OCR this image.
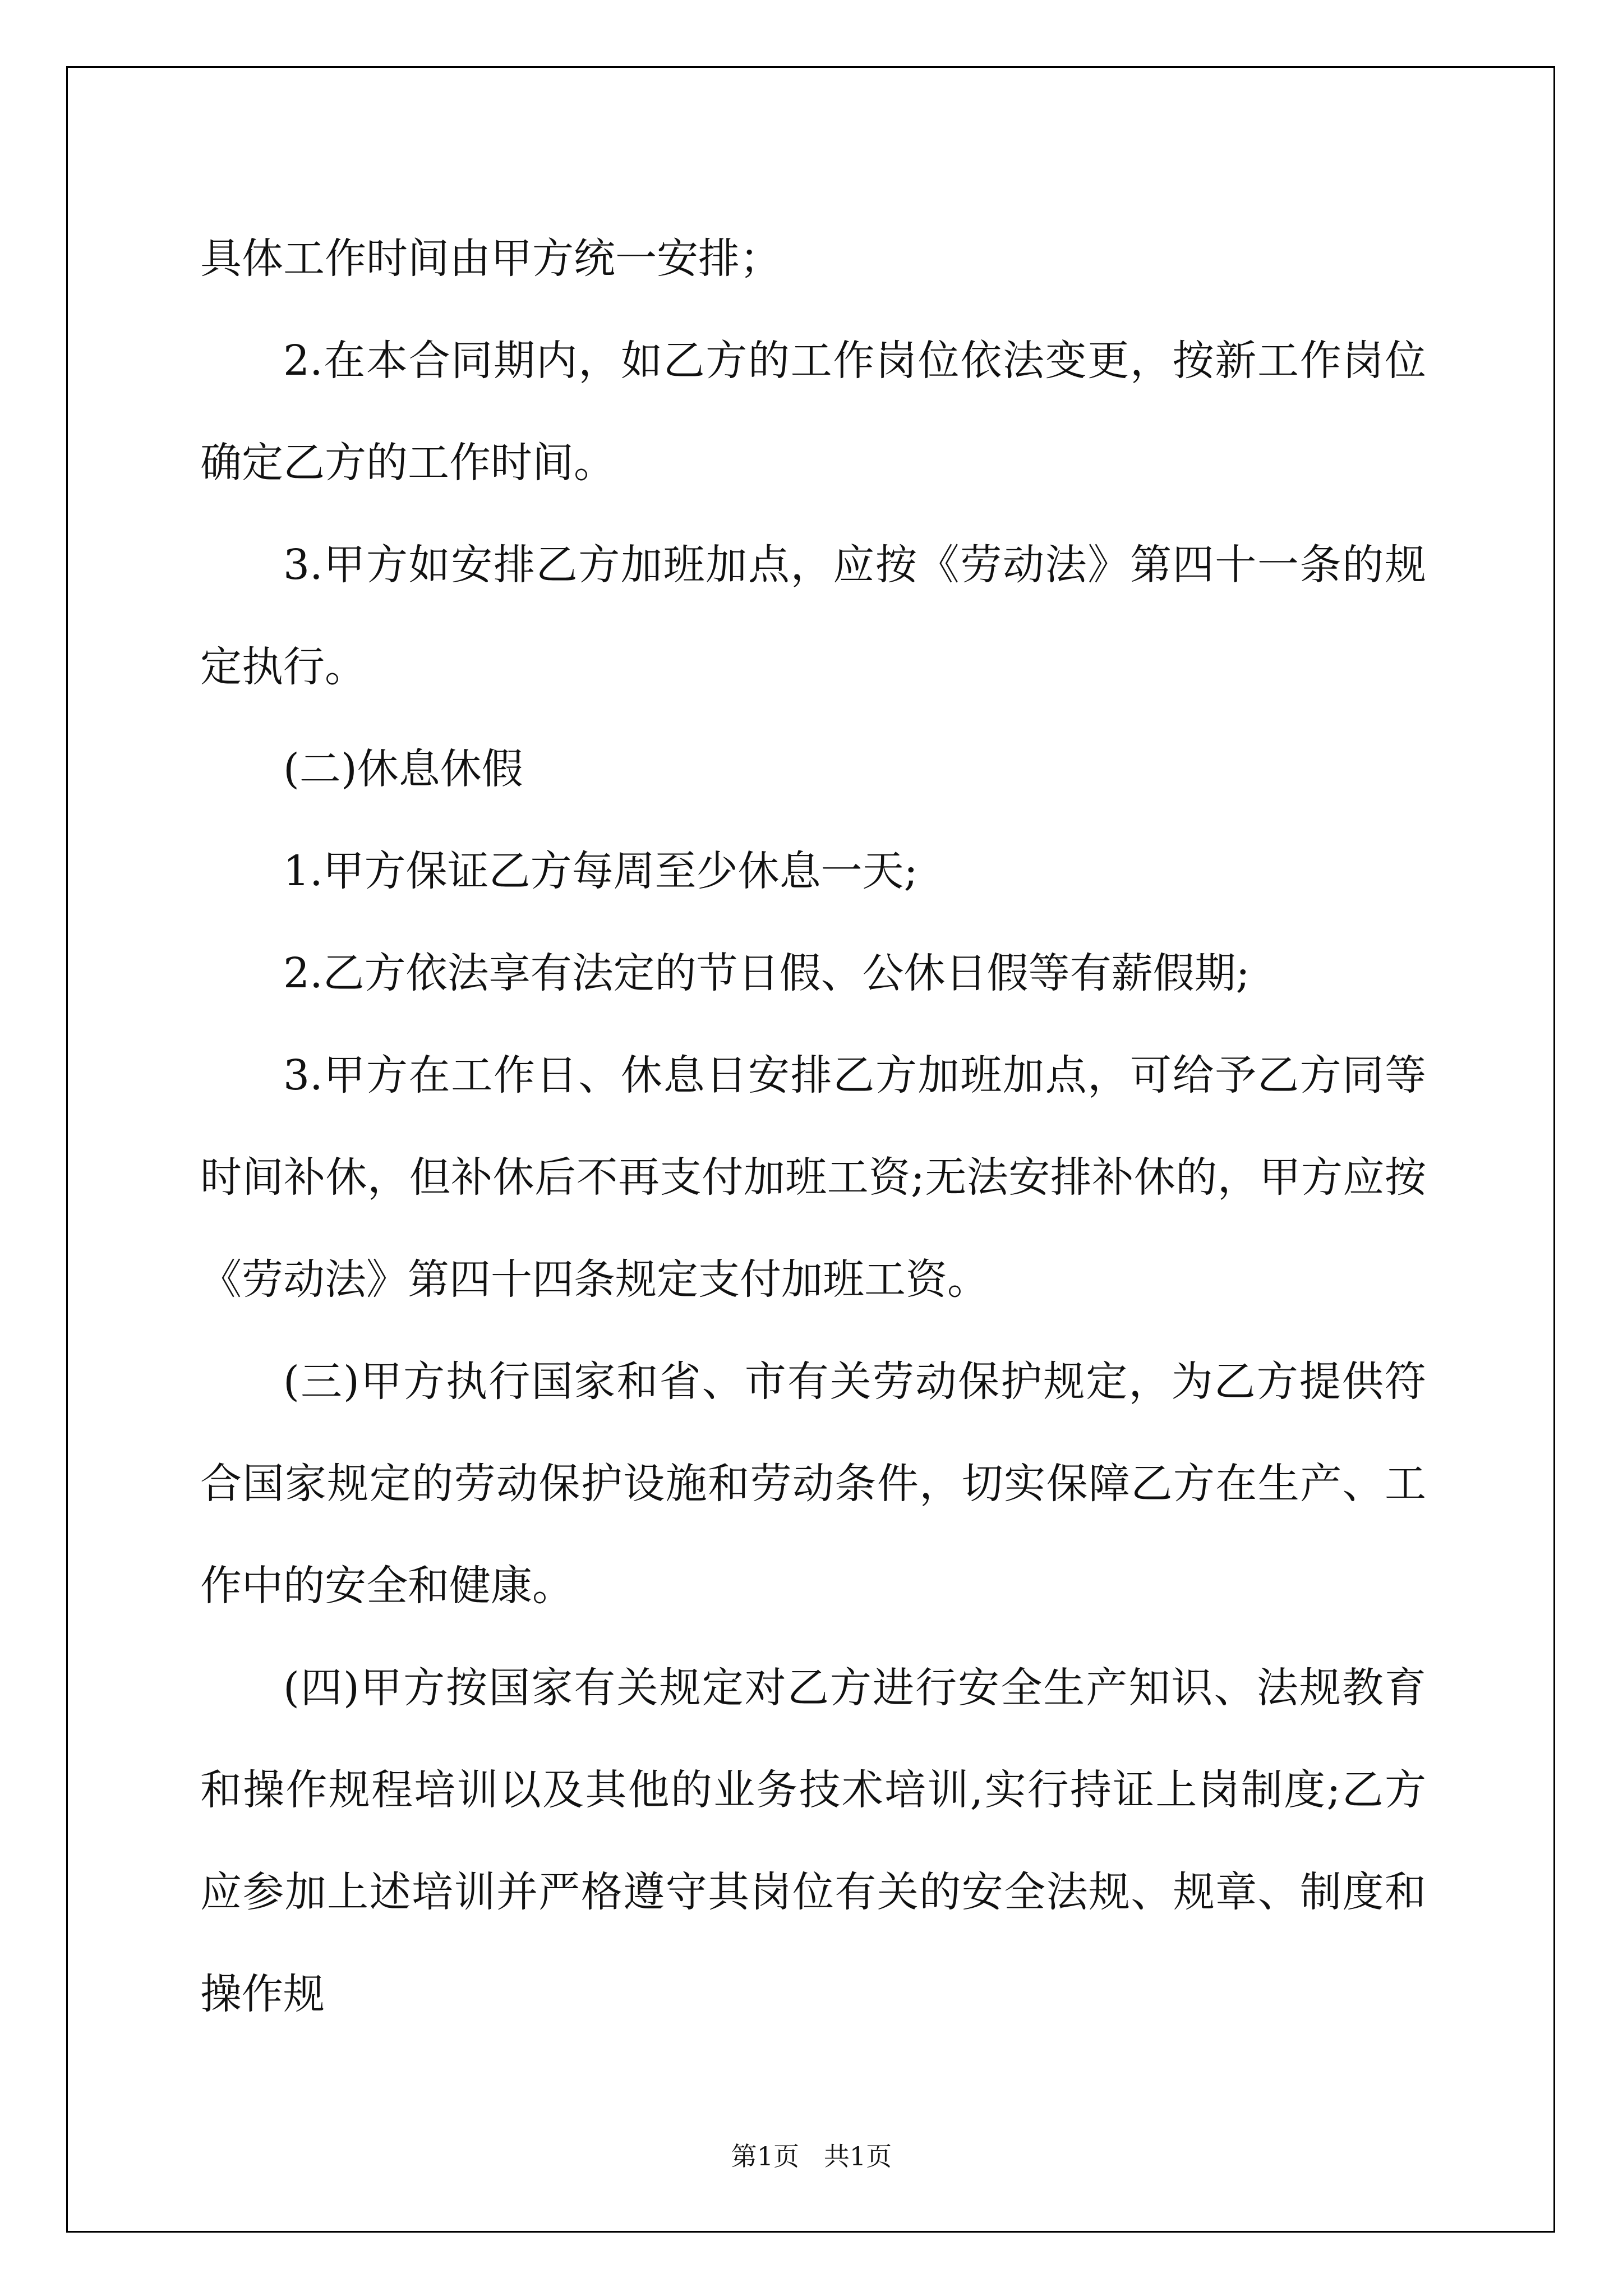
具体工作时间由甲方统一安排；

2.在本合同期内，如乙方的工作岗位依法变更，按新工作岗位确定乙方的工作时间。

3.甲方如安排乙方加班加点，应按《劳动法》第四十一条的规定执行。

(二)休息休假

1.甲方保证乙方每周至少休息一天;

2.乙方依法享有法定的节日假、公休日假等有薪假期;

3.甲方在工作日、休息日安排乙方加班加点，可给予乙方同等时间补休，但补休后不再支付加班工资;无法安排补休的，甲方应按《劳动法》第四十四条规定支付加班工资。

(三)甲方执行国家和省、市有关劳动保护规定，为乙方提供符合国家规定的劳动保护设施和劳动条件，切实保障乙方在生产、工作中的安全和健康。

(四)甲方按国家有关规定对乙方进行安全生产知识、法规教育和操作规程培训以及其他的业务技术培训,实行持证上岗制度;乙方应参加上述培训并严格遵守其岗位有关的安全法规、规章、制度和操作规

第1页   共1页
